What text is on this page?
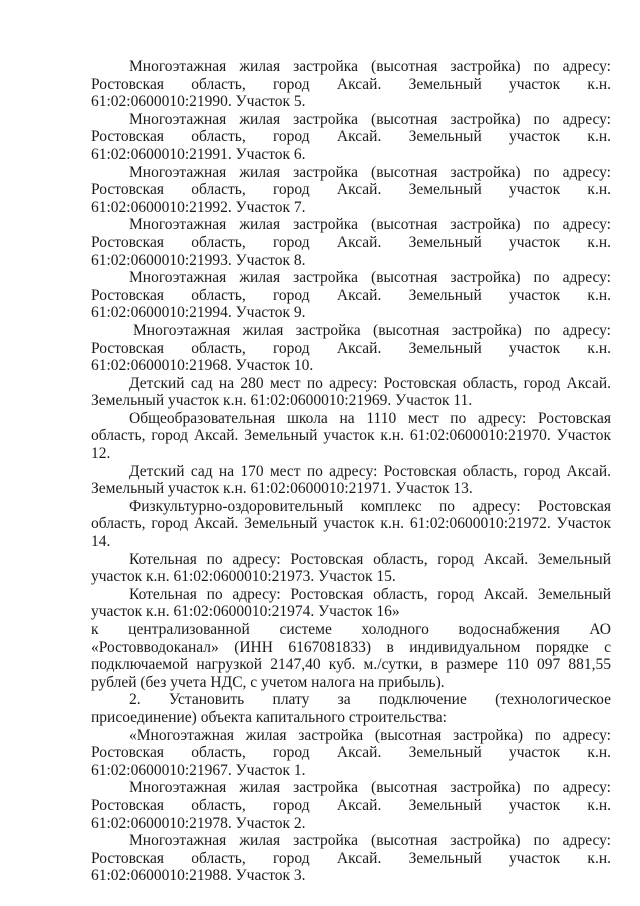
Многоэтажная жилая застройка (высотная застройка) по адресу: Ростовская область, город Аксай. Земельный участок к.н. 61:02:0600010:21990. Участок 5.

Многоэтажная жилая застройка (высотная застройка) по адресу: Ростовская область, город Аксай. Земельный участок к.н. 61:02:0600010:21991. Участок 6.

Многоэтажная жилая застройка (высотная застройка) по адресу: Ростовская область, город Аксай. Земельный участок к.н. 61:02:0600010:21992. Участок 7.

Многоэтажная жилая застройка (высотная застройка) по адресу: Ростовская область, город Аксай. Земельный участок к.н. 61:02:0600010:21993. Участок 8.

Многоэтажная жилая застройка (высотная застройка) по адресу: Ростовская область, город Аксай. Земельный участок к.н. 61:02:0600010:21994. Участок 9.

Многоэтажная жилая застройка (высотная застройка) по адресу: Ростовская область, город Аксай. Земельный участок к.н. 61:02:0600010:21968. Участок 10.

Детский сад на 280 мест по адресу: Ростовская область, город Аксай. Земельный участок к.н. 61:02:0600010:21969. Участок 11.

Общеобразовательная школа на 1110 мест по адресу: Ростовская область, город Аксай. Земельный участок к.н. 61:02:0600010:21970. Участок 12.

Детский сад на 170 мест по адресу: Ростовская область, город Аксай. Земельный участок к.н. 61:02:0600010:21971. Участок 13.

Физкультурно-оздоровительный комплекс по адресу: Ростовская область, город Аксай. Земельный участок к.н. 61:02:0600010:21972. Участок 14.

Котельная по адресу: Ростовская область, город Аксай. Земельный участок к.н. 61:02:0600010:21973. Участок 15.

Котельная по адресу: Ростовская область, город Аксай. Земельный участок к.н. 61:02:0600010:21974. Участок 16»

к централизованной системе холодного водоснабжения АО «Ростовводоканал» (ИНН 6167081833) в индивидуальном порядке с подключаемой нагрузкой 2147,40 куб. м./сутки, в размере 110 097 881,55 рублей (без учета НДС, с учетом налога на прибыль).

2. Установить плату за подключение (технологическое

присоединение) объекта капитального строительства:

«Многоэтажная жилая застройка (высотная застройка) по адресу: Ростовская область, город Аксай. Земельный участок к.н. 61:02:0600010:21967. Участок 1.

Многоэтажная жилая застройка (высотная застройка) по адресу: Ростовская область, город Аксай. Земельный участок к.н. 61:02:0600010:21978. Участок 2.

Многоэтажная жилая застройка (высотная застройка) по адресу: Ростовская область, город Аксай. Земельный участок к.н. 61:02:0600010:21988. Участок 3.
